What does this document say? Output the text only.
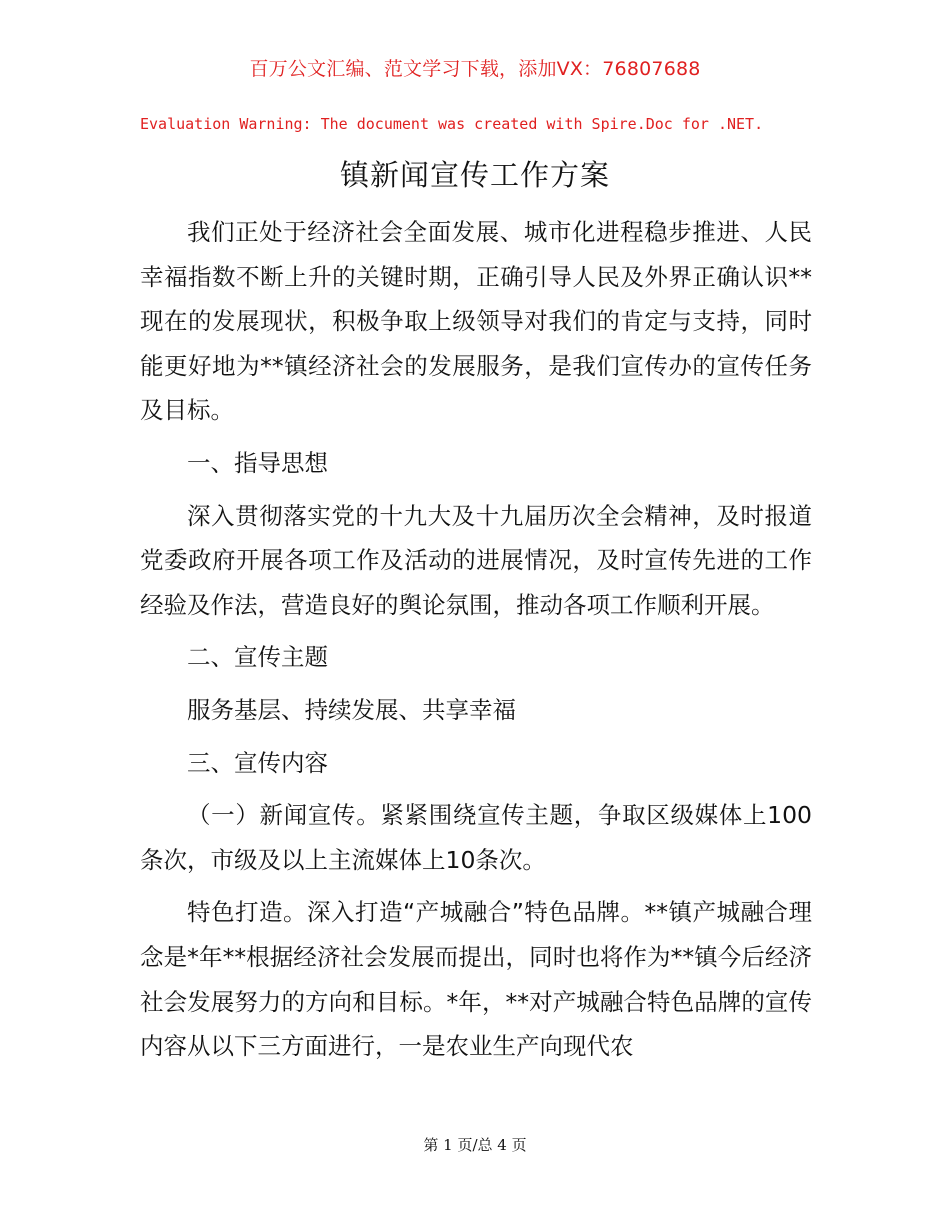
百万公文汇编、范文学习下载，添加VX：76807688
Evaluation Warning: The document was created with Spire.Doc for .NET.
镇新闻宣传工作方案

我们正处于经济社会全面发展、城市化进程稳步推进、人民幸福指数不断上升的关键时期，正确引导人民及外界正确认识**现在的发展现状，积极争取上级领导对我们的肯定与支持，同时能更好地为**镇经济社会的发展服务，是我们宣传办的宣传任务及目标。

一、指导思想

深入贯彻落实党的十九大及十九届历次全会精神，及时报道党委政府开展各项工作及活动的进展情况，及时宣传先进的工作经验及作法，营造良好的舆论氛围，推动各项工作顺利开展。

二、宣传主题

服务基层、持续发展、共享幸福

三、宣传内容

（一）新闻宣传。紧紧围绕宣传主题，争取区级媒体上100条次，市级及以上主流媒体上10条次。

特色打造。深入打造“产城融合”特色品牌。**镇产城融合理念是*年**根据经济社会发展而提出，同时也将作为**镇今后经济社会发展努力的方向和目标。*年，**对产城融合特色品牌的宣传内容从以下三方面进行，一是农业生产向现代农

第 1 页/总 4 页
